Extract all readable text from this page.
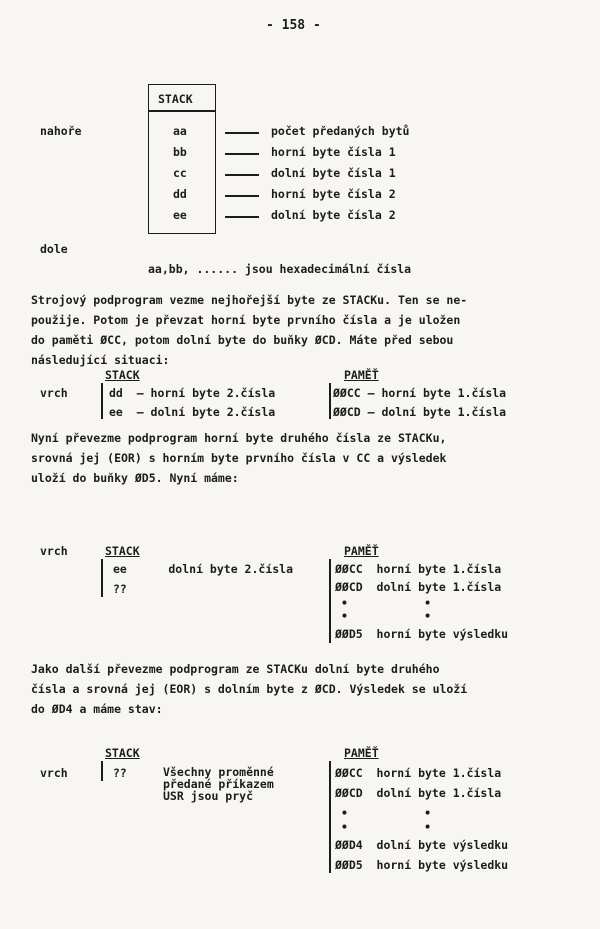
- 158 -
STACK
nahoře
dole
aa
bb
cc
dd
ee
počet předaných bytů
horní byte čísla 1
dolní byte čísla 1
horní byte čísla 2
dolní byte čísla 2
aa,bb, ...... jsou hexadecimální čísla
Strojový podprogram vezme nejhořejší byte ze STACKu. Ten se ne-
použije. Potom je převzat horní byte prvního čísla a je uložen
do paměti ØCC, potom dolní byte do buňky ØCD. Máte před sebou
následující situaci:
vrch
STACK
dd  — horní byte 2.čísla
ee  — dolní byte 2.čísla
PAMĚŤ
ØØCC — horní byte 1.čísla
ØØCD — dolní byte 1.čísla
Nyní převezme podprogram horní byte druhého čísla ze STACKu,
srovná jej (EOR) s horním byte prvního čísla v CC a výsledek
uloží do buňky ØD5. Nyní máme:
vrch	STACK
ee      dolní byte 2.čísla
??
PAMĚŤ
ØØCC  horní byte 1.čísla
ØØCD  dolní byte 1.čísla
•           •
•           •
ØØD5  horní byte výsledku
Jako další převezme podprogram ze STACKu dolní byte druhého
čísla a srovná jej (EOR) s dolním byte z ØCD. Výsledek se uloží
do ØD4 a máme stav:
vrch
STACK
??	Všechny proměnné
předané příkazem
USR jsou pryč
PAMĚŤ
ØØCC  horní byte 1.čísla
ØØCD  dolní byte 1.čísla
•           •
•           •
ØØD4  dolní byte výsledku
ØØD5  horní byte výsledku
